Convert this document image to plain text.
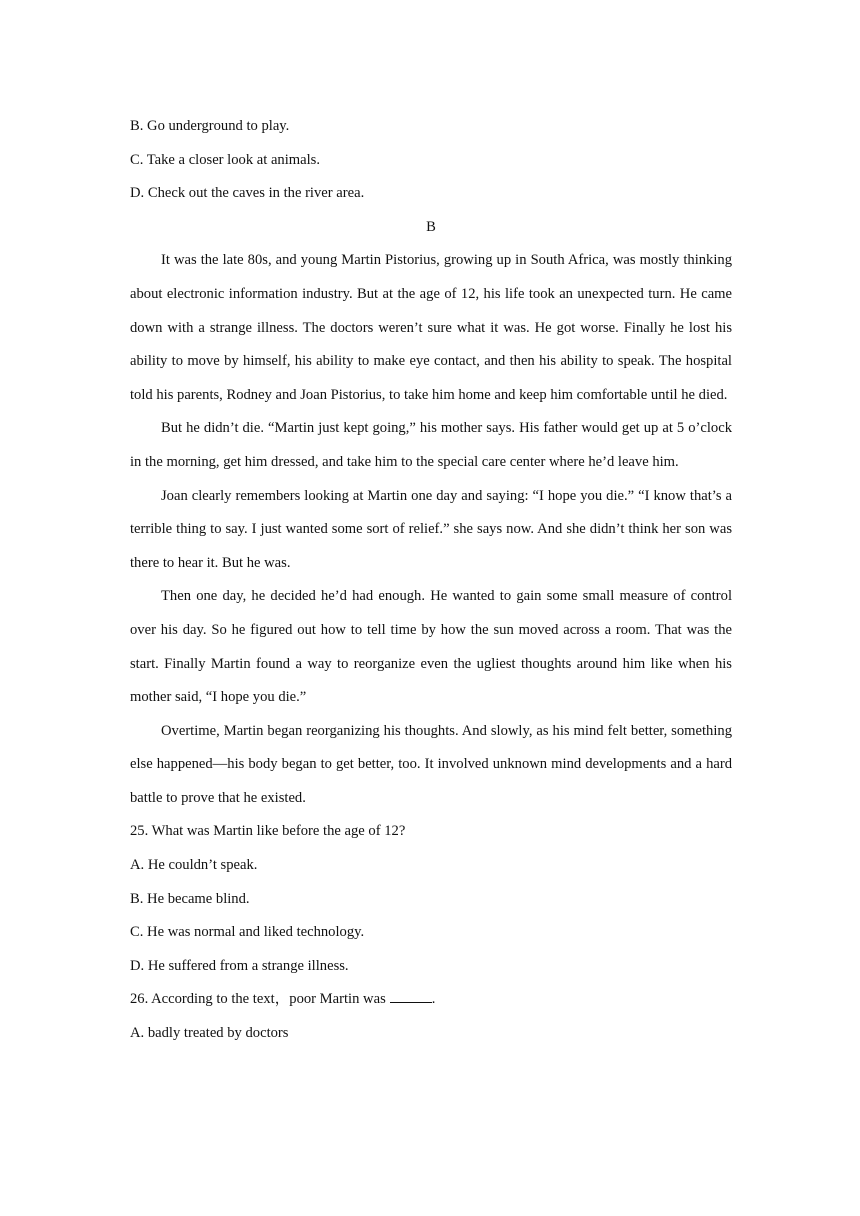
B. Go underground to play.

C. Take a closer look at animals.

D. Check out the caves in the river area.

B

It was the late 80s, and young Martin Pistorius, growing up in South Africa, was mostly thinking about electronic information industry. But at the age of 12, his life took an unexpected turn. He came down with a strange illness. The doctors weren’t sure what it was. He got worse. Finally he lost his ability to move by himself, his ability to make eye contact, and then his ability to speak. The hospital told his parents, Rodney and Joan Pistorius, to take him home and keep him comfortable until he died.

But he didn’t die. “Martin just kept going,” his mother says. His father would get up at 5 o’clock in the morning, get him dressed, and take him to the special care center where he’d leave him.

Joan clearly remembers looking at Martin one day and saying: “I hope you die.” “I know that’s a terrible thing to say. I just wanted some sort of relief.” she says now. And she didn’t think her son was there to hear it. But he was.

Then one day, he decided he’d had enough. He wanted to gain some small measure of control over his day. So he figured out how to tell time by how the sun moved across a room. That was the start. Finally Martin found a way to reorganize even the ugliest thoughts around him like when his mother said, “I hope you die.”

Overtime, Martin began reorganizing his thoughts. And slowly, as his mind felt better, something else happened—his body began to get better, too. It involved unknown mind developments and a hard battle to prove that he existed.

25. What was Martin like before the age of 12?

A. He couldn’t speak.

B. He became blind.

C. He was normal and liked technology.

D. He suffered from a strange illness.

26. According to the text，poor Martin was	.

A. badly treated by doctors
